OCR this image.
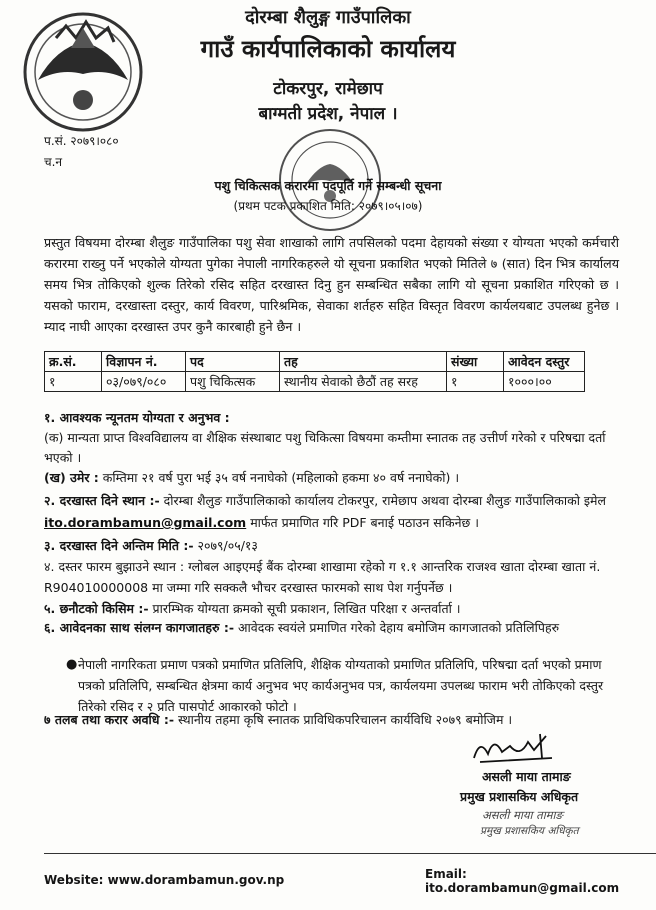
दोरम्बा शैलुङ्ग गाउँपालिका
गाउँ कार्यपालिकाको कार्यालय
टोकरपुर, रामेछाप
बाग्मती प्रदेश, नेपाल ।
प.सं. २०७९।०८०
च.न
पशु चिकित्सक करारमा पदपूर्ति गर्ने सम्बन्धी सूचना
(प्रथम पटक प्रकाशित मिति: २०७९।०५।०७)
प्रस्तुत विषयमा दोरम्बा शैलुङ गाउँपालिका पशु सेवा शाखाको लागि तपसिलको पदमा देहायको संख्या र योग्यता भएको कर्मचारी करारमा राख्नु पर्ने भएकोले योग्यता पुगेका नेपाली नागरिकहरुले यो सूचना प्रकाशित भएको मितिले ७ (सात) दिन भित्र कार्यालय समय भित्र तोकिएको शुल्क तिरेको रसिद सहित दरखास्त दिनु हुन सम्बन्धित सबैका लागि यो सूचना प्रकाशित गरिएको छ । यसको फाराम, दरखास्ता दस्तुर, कार्य विवरण, पारिश्रमिक, सेवाका शर्तहरु सहित विस्तृत विवरण कार्यलयबाट उपलब्ध हुनेछ । म्याद नाघी आएका दरखास्त उपर कुनै कारबाही हुने छैन ।
क्र.सं.	विज्ञापन नं.	पद	तह	संख्या	आवेदन दस्तुर
१	०३/०७९/०८०	पशु चिकित्सक	स्थानीय सेवाको छैठौं तह सरह	१	१०००।००
१. आवश्यक न्यूनतम योग्यता र अनुभव :
(क) मान्यता प्राप्त विश्वविद्यालय वा शैक्षिक संस्थाबाट पशु चिकित्सा विषयमा कम्तीमा स्नातक तह उत्तीर्ण गरेको र परिषद्मा दर्ता भएको ।
(ख) उमेर : कम्तिमा २१ वर्ष पुरा भई ३५ वर्ष ननाघेको (महिलाको हकमा ४० वर्ष ननाघेको) ।
२. दरखास्त दिने स्थान :- दोरम्बा शैलुङ गाउँपालिकाको कार्यालय टोकरपुर, रामेछाप अथवा दोरम्बा शैलुङ गाउँपालिकाको इमेल ito.dorambamun@gmail.com मार्फत प्रमाणित गरि PDF बनाई पठाउन सकिनेछ ।
३. दरखास्त दिने अन्तिम मिति :- २०७९/०५/१३
४. दस्तर फारम बुझाउने स्थान : ग्लोबल आइएमई बैंक दोरम्बा शाखामा रहेको ग १.१ आन्तरिक राजश्व खाता दोरम्बा खाता नं. R904010000008 मा जम्मा गरि सक्कलै भौचर दरखास्त फारमको साथ पेश गर्नुपर्नेछ ।
५. छनौटको किसिम :- प्रारम्भिक योग्यता क्रमको सूची प्रकाशन, लिखित परिक्षा र अन्तर्वार्ता ।
६. आवेदनका साथ संलग्न कागजातहरु :- आवेदक स्वयंले प्रमाणित गरेको देहाय बमोजिम कागजातको प्रतिलिपिहरु
● नेपाली नागरिकता प्रमाण पत्रको प्रमाणित प्रतिलिपि, शैक्षिक योग्यताको प्रमाणित प्रतिलिपि, परिषद्मा दर्ता भएको प्रमाण पत्रको प्रतिलिपि, सम्बन्धित क्षेत्रमा कार्य अनुभव भए कार्यअनुभव पत्र, कार्यलयमा उपलब्ध फाराम भरी तोकिएको दस्तुर तिरेको रसिद र २ प्रति पासपोर्ट आकारको फोटो ।
७ तलब तथा करार अवधि :- स्थानीय तहमा कृषि स्नातक प्राविधिकपरिचालन कार्यविधि २०७९ बमोजिम ।
असली माया तामाङ
प्रमुख प्रशासकिय अधिकृत
असली माया तामाङ
प्रमुख प्रशासकिय अधिकृत
Website: www.dorambamun.gov.np	Email: ito.dorambamun@gmail.com
